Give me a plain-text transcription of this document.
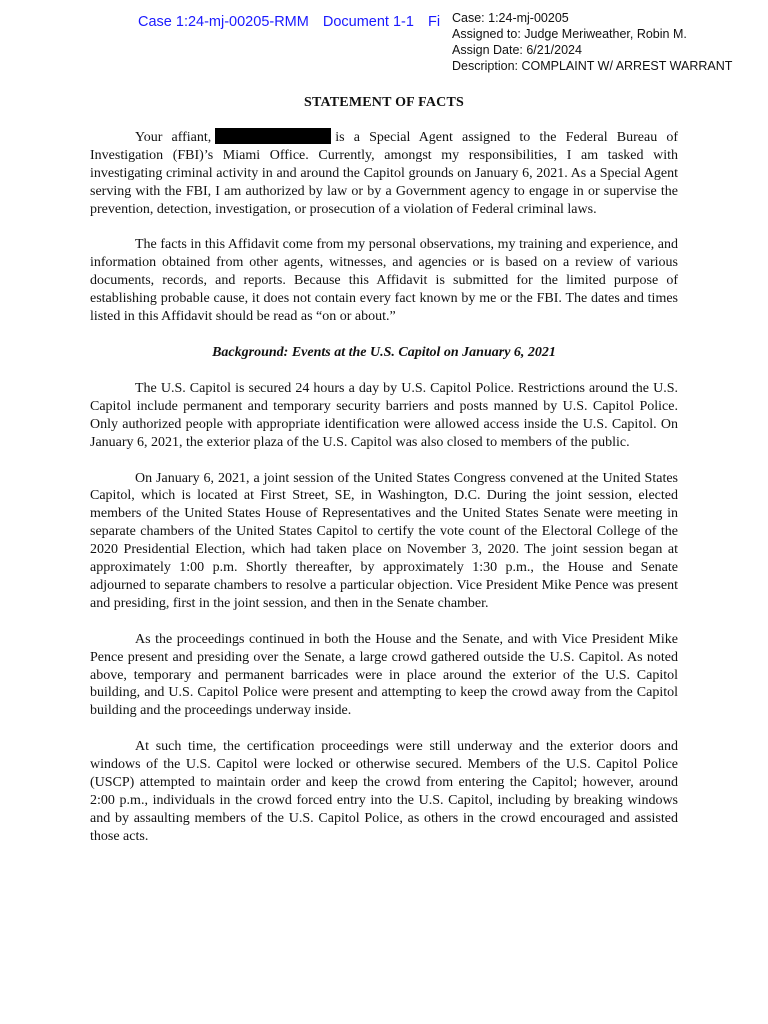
Case 1:24-mj-00205-RMM Document 1-1 Fi Case: 1:24-mj-00205
Assigned to: Judge Meriweather, Robin M.
Assign Date: 6/21/2024
Description: COMPLAINT W/ ARREST WARRANT
STATEMENT OF FACTS

Your affiant,	is a Special Agent assigned to the Federal Bureau of Investigation (FBI)’s Miami Office. Currently, amongst my responsibilities, I am tasked with investigating criminal activity in and around the Capitol grounds on January 6, 2021. As a Special Agent serving with the FBI, I am authorized by law or by a Government agency to engage in or supervise the prevention, detection, investigation, or prosecution of a violation of Federal criminal laws.

The facts in this Affidavit come from my personal observations, my training and experience, and information obtained from other agents, witnesses, and agencies or is based on a review of various documents, records, and reports. Because this Affidavit is submitted for the limited purpose of establishing probable cause, it does not contain every fact known by me or the FBI. The dates and times listed in this Affidavit should be read as “on or about.”

Background: Events at the U.S. Capitol on January 6, 2021

The U.S. Capitol is secured 24 hours a day by U.S. Capitol Police. Restrictions around the U.S. Capitol include permanent and temporary security barriers and posts manned by U.S. Capitol Police. Only authorized people with appropriate identification were allowed access inside the U.S. Capitol. On January 6, 2021, the exterior plaza of the U.S. Capitol was also closed to members of the public.

On January 6, 2021, a joint session of the United States Congress convened at the United States Capitol, which is located at First Street, SE, in Washington, D.C. During the joint session, elected members of the United States House of Representatives and the United States Senate were meeting in separate chambers of the United States Capitol to certify the vote count of the Electoral College of the 2020 Presidential Election, which had taken place on November 3, 2020. The joint session began at approximately 1:00 p.m. Shortly thereafter, by approximately 1:30 p.m., the House and Senate adjourned to separate chambers to resolve a particular objection. Vice President Mike Pence was present and presiding, first in the joint session, and then in the Senate chamber.

As the proceedings continued in both the House and the Senate, and with Vice President Mike Pence present and presiding over the Senate, a large crowd gathered outside the U.S. Capitol. As noted above, temporary and permanent barricades were in place around the exterior of the U.S. Capitol building, and U.S. Capitol Police were present and attempting to keep the crowd away from the Capitol building and the proceedings underway inside.

At such time, the certification proceedings were still underway and the exterior doors and windows of the U.S. Capitol were locked or otherwise secured. Members of the U.S. Capitol Police (USCP) attempted to maintain order and keep the crowd from entering the Capitol; however, around 2:00 p.m., individuals in the crowd forced entry into the U.S. Capitol, including by breaking windows and by assaulting members of the U.S. Capitol Police, as others in the crowd encouraged and assisted those acts.
